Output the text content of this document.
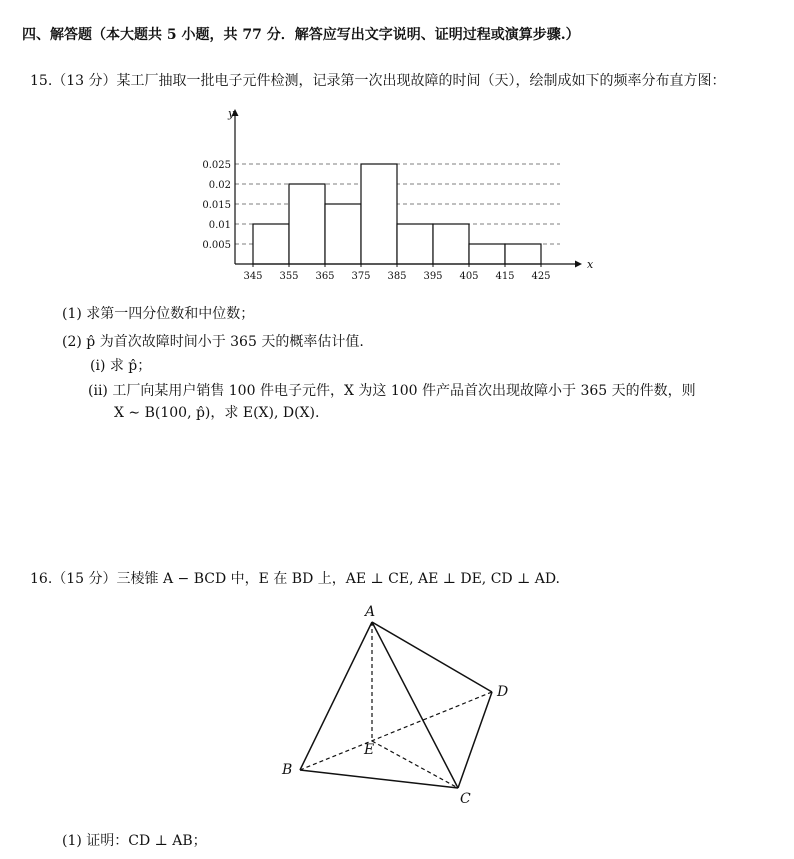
四、解答题（本大题共 5 小题，共 77 分．解答应写出文字说明、证明过程或演算步骤.）
15.（13 分）某工厂抽取一批电子元件检测，记录第一次出现故障的时间（天），绘制成如下的频率分布直方图：
0.005
0.01
0.015
0.02
0.025
x
y
345 355 365 375 385 395 405 415 425
(1) 求第一四分位数和中位数；
(2) p̂ 为首次故障时间小于 365 天的概率估计值.
(i) 求 p̂；
(ii) 工厂向某用户销售 100 件电子元件，X 为这 100 件产品首次出现故障小于 365 天的件数，则
X ∼ B(100, p̂)，求 E(X), D(X).
16.（15 分）三棱锥 A − BCD 中，E 在 BD 上，AE ⊥ CE, AE ⊥ DE, CD ⊥ AD.
A
B
C
D
E
(1) 证明：CD ⊥ AB；
